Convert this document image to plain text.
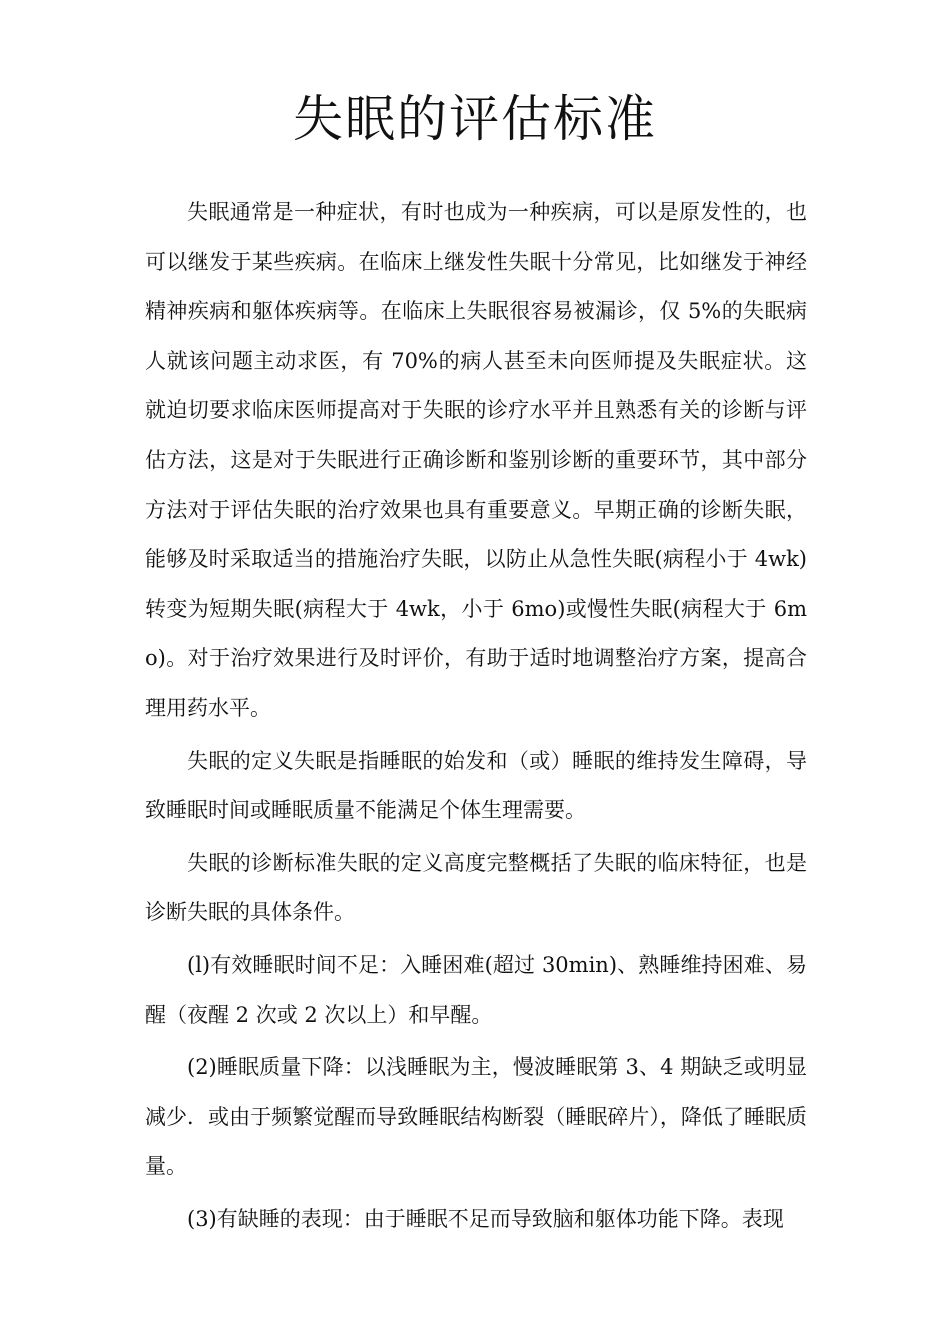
失眠的评估标准

失眠通常是一种症状，有时也成为一种疾病，可以是原发性的，也可以继发于某些疾病。在临床上继发性失眠十分常见，比如继发于神经精神疾病和躯体疾病等。在临床上失眠很容易被漏诊，仅 5%的失眠病人就该问题主动求医，有 70%的病人甚至未向医师提及失眠症状。这就迫切要求临床医师提高对于失眠的诊疗水平并且熟悉有关的诊断与评估方法，这是对于失眠进行正确诊断和鉴别诊断的重要环节，其中部分方法对于评估失眠的治疗效果也具有重要意义。早期正确的诊断失眠，能够及时采取适当的措施治疗失眠，以防止从急性失眠(病程小于 4wk)转变为短期失眠(病程大于 4wk，小于 6mo)或慢性失眠(病程大于 6mo)。对于治疗效果进行及时评价，有助于适时地调整治疗方案，提高合理用药水平。

失眠的定义失眠是指睡眠的始发和（或）睡眠的维持发生障碍，导致睡眠时间或睡眠质量不能满足个体生理需要。

失眠的诊断标准失眠的定义高度完整概括了失眠的临床特征，也是诊断失眠的具体条件。

(l)有效睡眠时间不足：入睡困难(超过 30min)、熟睡维持困难、易醒（夜醒 2 次或 2 次以上）和早醒。

(2)睡眠质量下降：以浅睡眠为主，慢波睡眠第 3、4 期缺乏或明显减少．或由于频繁觉醒而导致睡眠结构断裂（睡眠碎片），降低了睡眠质量。

(3)有缺睡的表现：由于睡眠不足而导致脑和躯体功能下降。表现
